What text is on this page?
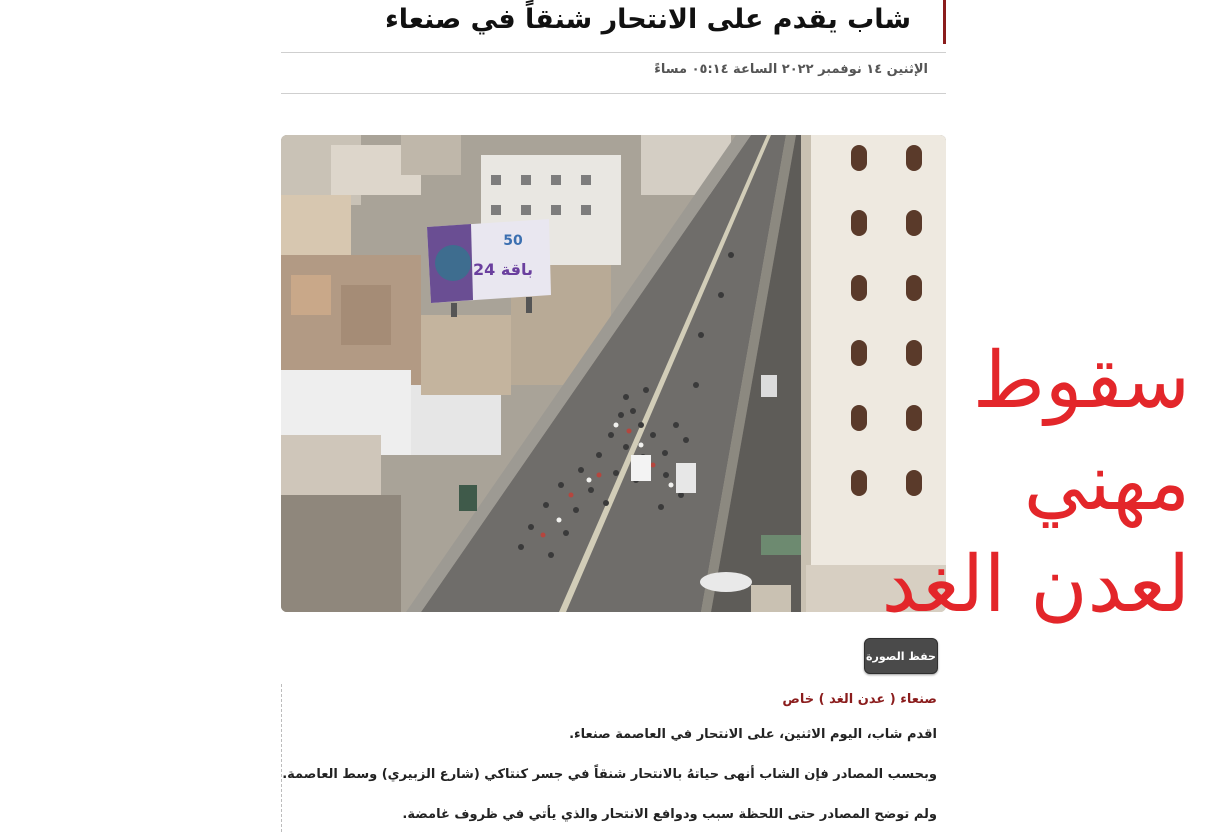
شاب يقدم على الانتحار شنقاً في صنعاء
الإثنين ١٤ نوفمبر ٢٠٢٢ الساعة ٠٥:١٤ مساءً
50
باقة 24
حفظ الصورة
صنعاء ( عدن الغد ) خاص

اقدم شاب، اليوم الاثنين، على الانتحار في العاصمة صنعاء.

وبحسب المصادر فإن الشاب أنهى حياتهُ بالانتحار شنقاً في جسر كنتاكي (شارع الزبيري) وسط العاصمة.

ولم توضح المصادر حتى اللحظة سبب ودوافع الانتحار والذي يأتي في ظروف غامضة.

سقوط مهني
لعدن الغد
